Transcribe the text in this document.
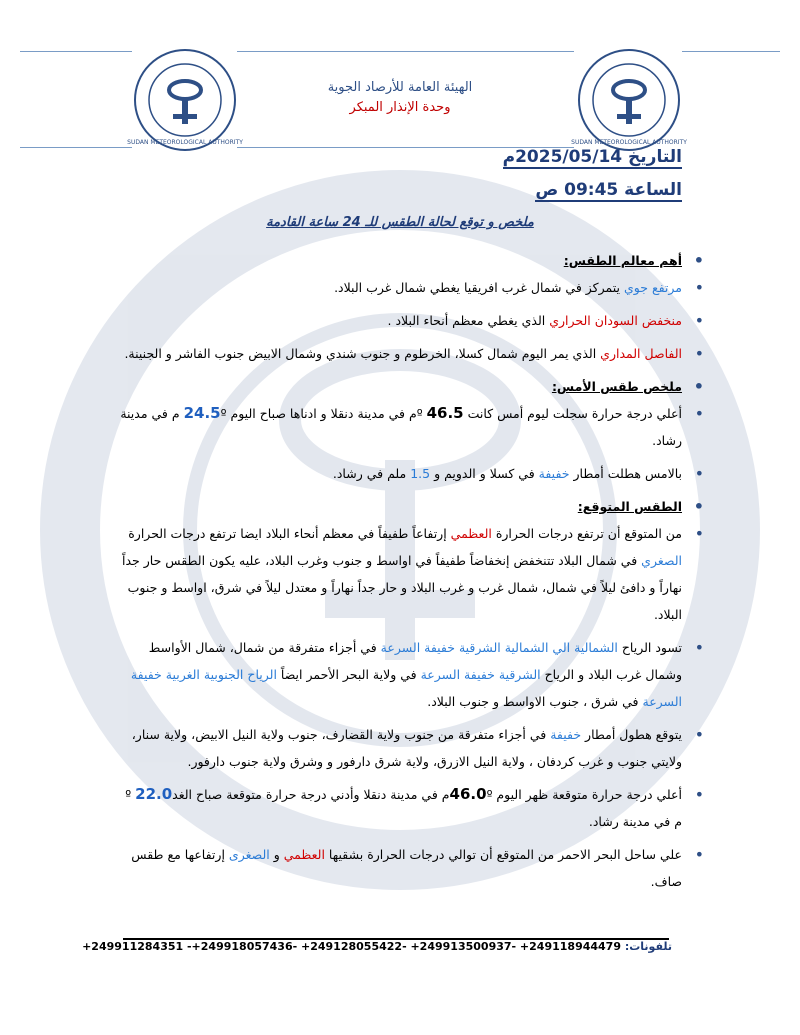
SUDAN METEOROLOGICAL AUTHORITY	SUDAN METEOROLOGICAL AUTHORITY
الهيئة العامة للأرصاد الجوية
وحدة الإنذار المبكر
التاريخ 2025/05/14م
الساعة 09:45 ص
ملخص و توقع لحالة الطقس للـ 24 ساعة القادمة
• أهم معالم الطقس:
• مرتفع جوي يتمركز في شمال غرب افريقيا يغطي شمال غرب البلاد.
• منخفض السودان الحراري الذي يغطي معظم أنحاء البلاد .
• الفاصل المداري الذي يمر اليوم شمال كسلا، الخرطوم و جنوب شندي وشمال الابيض جنوب الفاشر و الجنينة.
• ملخص طقس الأمس:
• أعلي درجة حرارة سجلت ليوم أمس كانت 46.5 ºم في مدينة دنقلا و ادناها صباح اليوم 24.5º م في مدينة رشاد.
• بالامس هطلت أمطار خفيفة في كسلا و الدويم و 1.5 ملم في رشاد.
• الطقس المتوقع:
• من المتوقع أن ترتفع درجات الحرارة العظمي إرتفاعاً طفيفاً في معظم أنحاء البلاد ايضا ترتفع درجات الحرارة الصغري في شمال البلاد تتنخفض إنخفاضاً طفيفاً في اواسط و جنوب وغرب البلاد، عليه يكون الطقس حار جداً نهاراً و دافئ ليلاً في شمال، شمال غرب و غرب البلاد و حار جداً نهاراً و معتدل ليلاً في شرق، اواسط و جنوب البلاد.
• تسود الرياح الشمالية الي الشمالية الشرقية خفيفة السرعة في أجزاء متفرقة من شمال، شمال الأواسط وشمال غرب البلاد و الرياح الشرقية خفيفة السرعة في ولاية البحر الأحمر ايضاً الرياح الجنوبية الغربية خفيفة السرعة في شرق ، جنوب الاواسط و جنوب البلاد.
• يتوقع هطول أمطار خفيفة في أجزاء متفرقة من جنوب ولاية القضارف، جنوب ولاية النيل الابيض، ولاية سنار، ولايتي جنوب و غرب كردفان ، ولاية النيل الازرق، ولاية شرق دارفور و وشرق ولاية جنوب دارفور.
• أعلي درجة حرارة متوقعة ظهر اليوم 46.0ºم في مدينة دنقلا وأدني درجة حرارة متوقعة صباح الغد22.0 º م في مدينة رشاد.
• علي ساحل البحر الاحمر من المتوقع أن توالي درجات الحرارة بشقيها العظمي و الصغرى إرتفاعها مع طقس صاف.
تلفونات: +249911284351 -+249918057436- +249128055422- +249913500937- +249118944479
